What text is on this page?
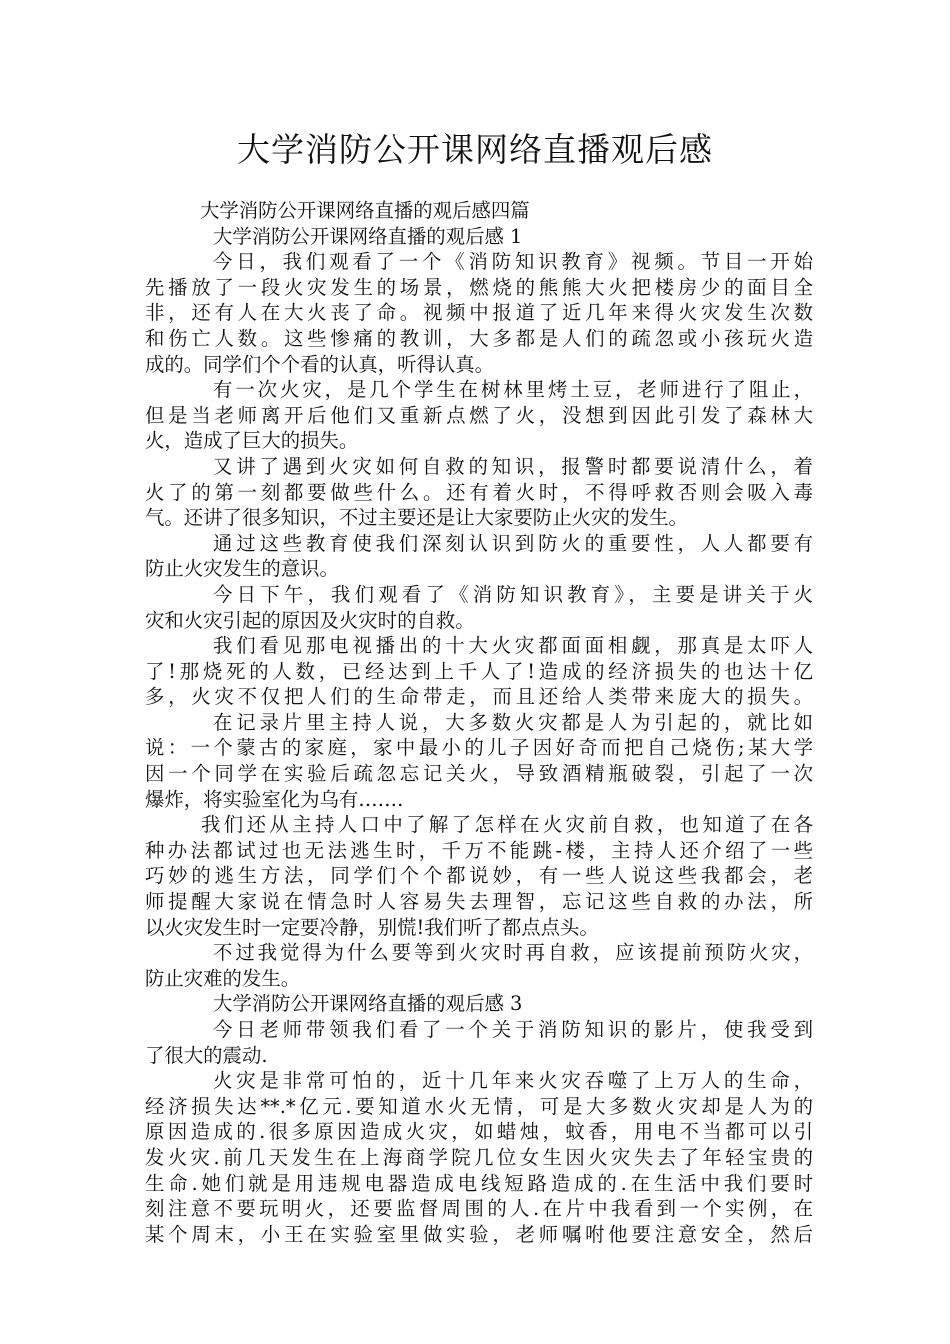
大学消防公开课网络直播观后感
大学消防公开课网络直播的观后感四篇
大学消防公开课网络直播的观后感 1
今日，我们观看了一个《消防知识教育》视频。节目一开始
先播放了一段火灾发生的场景，燃烧的熊熊大火把楼房少的面目全
非，还有人在大火丧了命。视频中报道了近几年来得火灾发生次数
和伤亡人数。这些惨痛的教训，大多都是人们的疏忽或小孩玩火造
成的。同学们个个看的认真，听得认真。
有一次火灾，是几个学生在树林里烤土豆，老师进行了阻止，
但是当老师离开后他们又重新点燃了火，没想到因此引发了森林大
火，造成了巨大的损失。
又讲了遇到火灾如何自救的知识，报警时都要说清什么，着
火了的第一刻都要做些什么。还有着火时，不得呼救否则会吸入毒
气。还讲了很多知识，不过主要还是让大家要防止火灾的发生。
通过这些教育使我们深刻认识到防火的重要性，人人都要有
防止火灾发生的意识。
今日下午，我们观看了《消防知识教育》，主要是讲关于火
灾和火灾引起的原因及火灾时的自救。
我们看见那电视播出的十大火灾都面面相觑，那真是太吓人
了!那烧死的人数，已经达到上千人了!造成的经济损失的也达十亿
多，火灾不仅把人们的生命带走，而且还给人类带来庞大的损失。
在记录片里主持人说，大多数火灾都是人为引起的，就比如
说：一个蒙古的家庭，家中最小的儿子因好奇而把自己烧伤;某大学
因一个同学在实验后疏忽忘记关火，导致酒精瓶破裂，引起了一次
爆炸，将实验室化为乌有…….
我们还从主持人口中了解了怎样在火灾前自救，也知道了在各
种办法都试过也无法逃生时，千万不能跳-楼，主持人还介绍了一些
巧妙的逃生方法，同学们个个都说妙，有一些人说这些我都会，老
师提醒大家说在情急时人容易失去理智，忘记这些自救的办法，所
以火灾发生时一定要冷静，别慌!我们听了都点点头。
不过我觉得为什么要等到火灾时再自救，应该提前预防火灾，
防止灾难的发生。
大学消防公开课网络直播的观后感 3
今日老师带领我们看了一个关于消防知识的影片，使我受到
了很大的震动.
火灾是非常可怕的，近十几年来火灾吞噬了上万人的生命，
经济损失达**.*亿元.要知道水火无情，可是大多数火灾却是人为的
原因造成的.很多原因造成火灾，如蜡烛，蚊香，用电不当都可以引
发火灾.前几天发生在上海商学院几位女生因火灾失去了年轻宝贵的
生命.她们就是用违规电器造成电线短路造成的.在生活中我们要时
刻注意不要玩明火，还要监督周围的人.在片中我看到一个实例，在
某个周末，小王在实验室里做实验，老师嘱咐他要注意安全，然后
